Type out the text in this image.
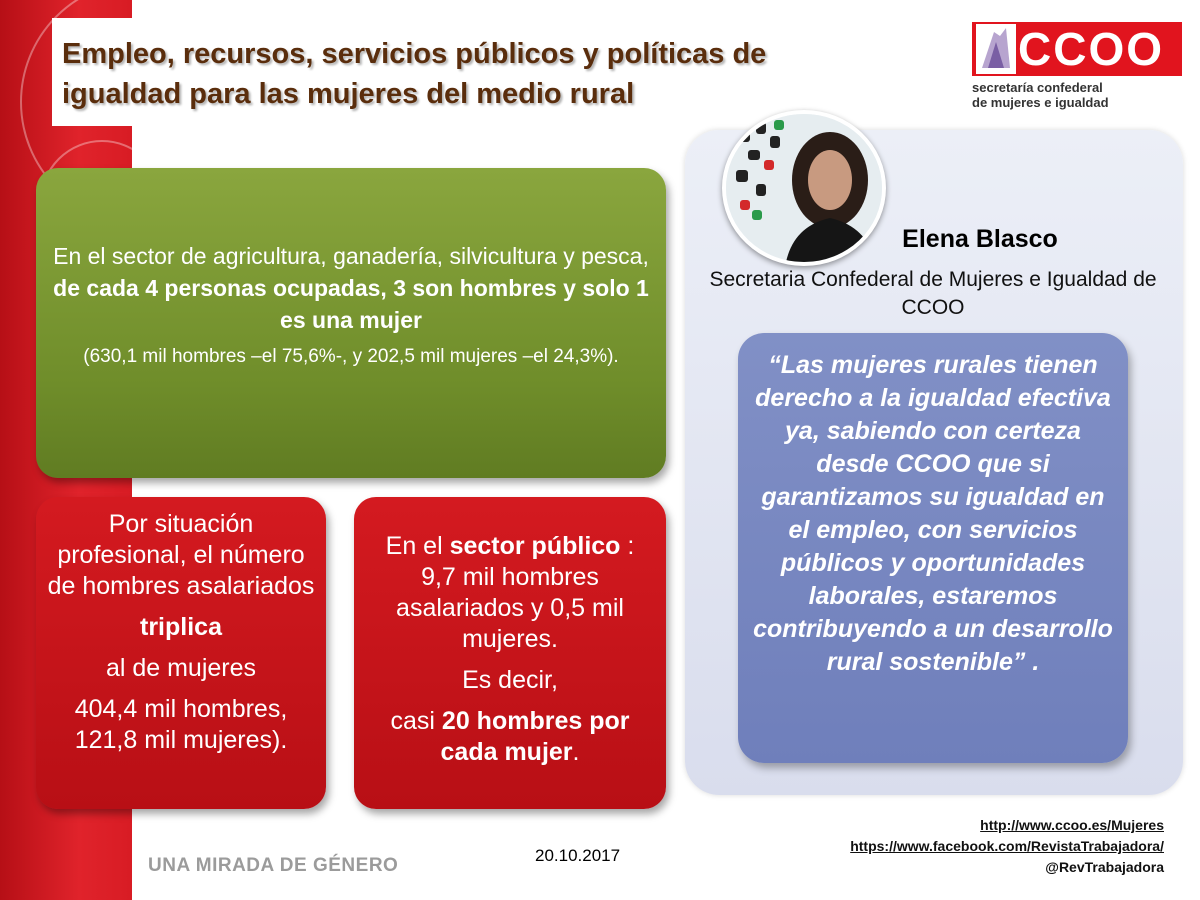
Empleo, recursos, servicios públicos y políticas de igualdad para las mujeres del medio rural
CCOO
secretaría confederal
de mujeres e igualdad

En el sector de agricultura, ganadería, silvicultura y pesca, de cada 4 personas ocupadas, 3 son hombres y solo 1 es una mujer

(630,1 mil hombres –el 75,6%-, y 202,5 mil mujeres –el 24,3%).

Por situación profesional, el número de hombres asalariados

triplica

al de mujeres

404,4 mil hombres, 121,8 mil mujeres).

En el sector público :

9,7 mil hombres asalariados y 0,5 mil mujeres.

Es decir,

casi 20 hombres por cada mujer.

Elena Blasco
Secretaria Confederal de Mujeres e Igualdad de CCOO

“Las mujeres rurales tienen derecho a la igualdad efectiva ya, sabiendo con certeza desde CCOO que si garantizamos su igualdad en el empleo, con servicios públicos y oportunidades laborales, estaremos contribuyendo a un desarrollo rural sostenible” .

http://www.ccoo.es/Mujeres
https://www.facebook.com/RevistaTrabajadora/
@RevTrabajadora
20.10.2017
UNA MIRADA DE GÉNERO
